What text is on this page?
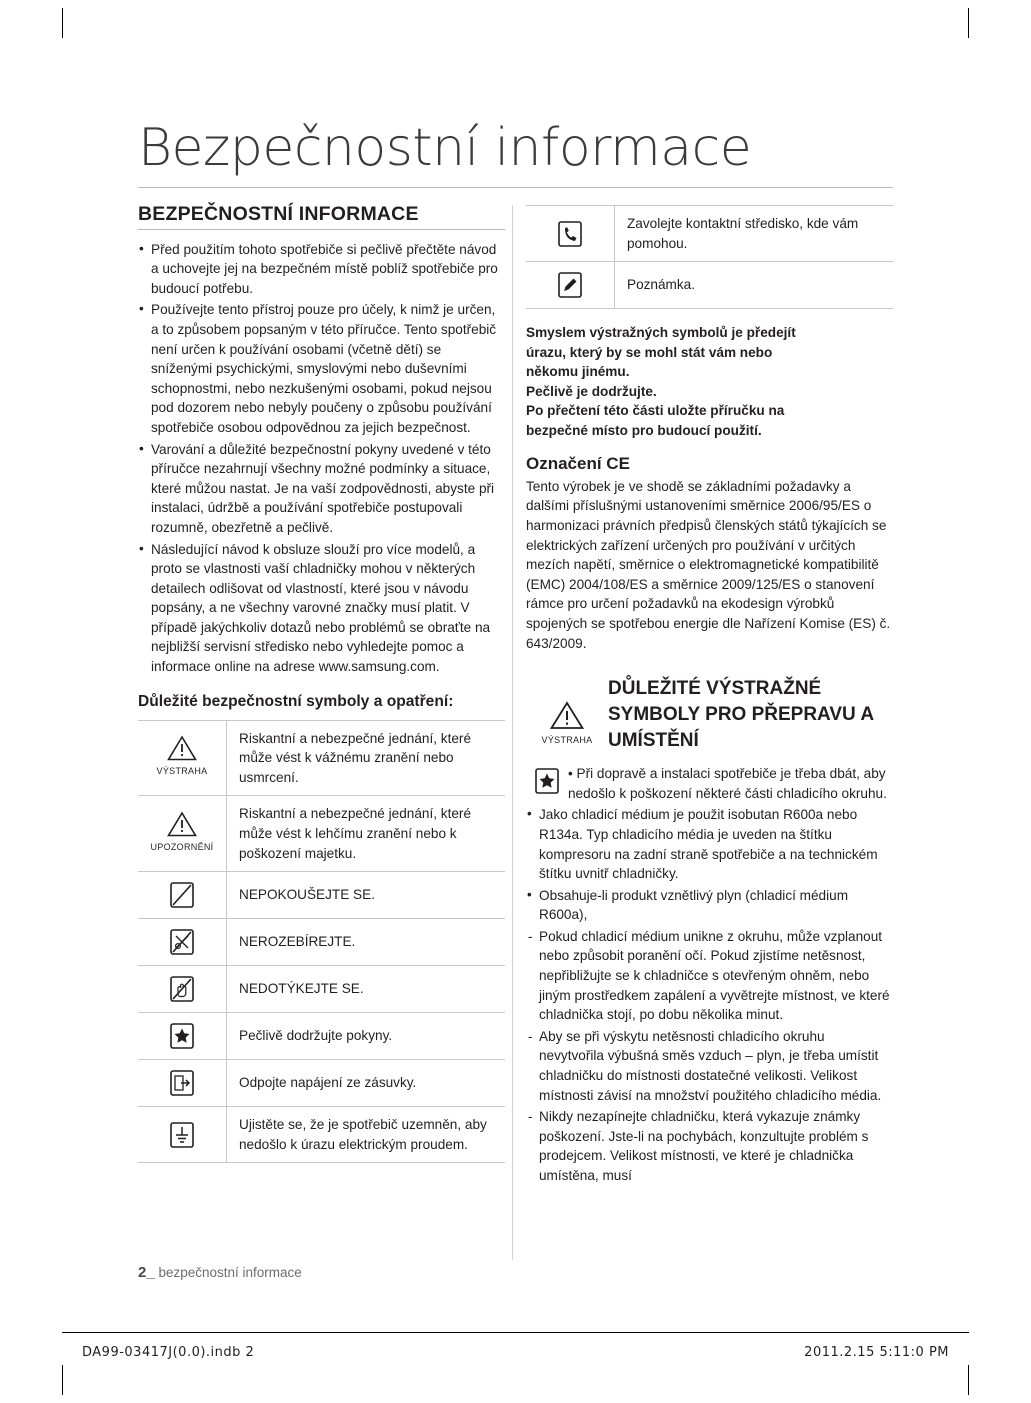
Bezpečnostní informace
BEZPEČNOSTNÍ INFORMACE
• Před použitím tohoto spotřebiče si pečlivě přečtěte návod a uchovejte jej na bezpečném místě poblíž spotřebiče pro budoucí potřebu.
• Používejte tento přístroj pouze pro účely, k nimž je určen, a to způsobem popsaným v této příručce. Tento spotřebič není určen k používání osobami (včetně dětí) se sníženými psychickými, smyslovými nebo duševními schopnostmi, nebo nezkušenými osobami, pokud nejsou pod dozorem nebo nebyly poučeny o způsobu používání spotřebiče osobou odpovědnou za jejich bezpečnost.
• Varování a důležité bezpečnostní pokyny uvedené v této příručce nezahrnují všechny možné podmínky a situace, které můžou nastat. Je na vaší zodpovědnosti, abyste při instalaci, údržbě a používání spotřebiče postupovali rozumně, obezřetně a pečlivě.
• Následující návod k obsluze slouží pro více modelů, a proto se vlastnosti vaší chladničky mohou v některých detailech odlišovat od vlastností, které jsou v návodu popsány, a ne všechny varovné značky musí platit. V případě jakýchkoliv dotazů nebo problémů se obraťte na nejbližší servisní středisko nebo vyhledejte pomoc a informace online na adrese www.samsung.com.
Důležité bezpečnostní symboly a opatření:
VÝSTRAHA	Riskantní a nebezpečné jednání, které může vést k vážnému zranění nebo usmrcení.

UPOZORNĚNÍ	Riskantní a nebezpečné jednání, které může vést k lehčímu zranění nebo k poškození majetku.

	NEPOKOUŠEJTE SE.

	NEROZEBÍREJTE.

	NEDOTÝKEJTE SE.

	Pečlivě dodržujte pokyny.

	Odpojte napájení ze zásuvky.

	Ujistěte se, že je spotřebič uzemněn, aby nedošlo k úrazu elektrickým proudem.
	Zavolejte kontaktní středisko, kde vám pomohou.

	Poznámka.

Smyslem výstražných symbolů je předejít

úrazu, který by se mohl stát vám nebo

někomu jinému.

Pečlivě je dodržujte.

Po přečtení této části uložte příručku na

bezpečné místo pro budoucí použití.

Označení CE

Tento výrobek je ve shodě se základními požadavky a dalšími příslušnými ustanoveními směrnice 2006/95/ES o harmonizaci právních předpisů členských států týkajících se elektrických zařízení určených pro používání v určitých mezích napětí, směrnice o elektromagnetické kompatibilitě (EMC) 2004/108/ES a směrnice 2009/125/ES o stanovení rámce pro určení požadavků na ekodesign výrobků spojených se spotřebou energie dle Nařízení Komise (ES) č. 643/2009.

VÝSTRAHA
DŮLEŽITÉ VÝSTRAŽNÉ SYMBOLY PRO PŘEPRAVU A UMÍSTĚNÍ
• Při dopravě a instalaci spotřebiče je třeba dbát, aby nedošlo k poškození některé části chladicího okruhu.
• Jako chladicí médium je použit isobutan R600a nebo R134a. Typ chladicího média je uveden na štítku kompresoru na zadní straně spotřebiče a na technickém štítku uvnitř chladničky.
• Obsahuje-li produkt vznětlivý plyn (chladicí médium R600a),
- Pokud chladicí médium unikne z okruhu, může vzplanout nebo způsobit poranění očí. Pokud zjistíme netěsnost, nepřibližujte se k chladničce s otevřeným ohněm, nebo jiným prostředkem zapálení a vyvětrejte místnost, ve které chladnička stojí, po dobu několika minut.
- Aby se při výskytu netěsnosti chladicího okruhu nevytvořila výbušná směs vzduch – plyn, je třeba umístit chladničku do místnosti dostatečné velikosti. Velikost místnosti závisí na množství použitého chladicího média.
- Nikdy nezapínejte chladničku, která vykazuje známky poškození. Jste-li na pochybách, konzultujte problém s prodejcem. Velikost místnosti, ve které je chladnička umístěna, musí
2_ bezpečnostní informace
DA99-03417J(0.0).indb 2	2011.2.15 5:11:0 PM
